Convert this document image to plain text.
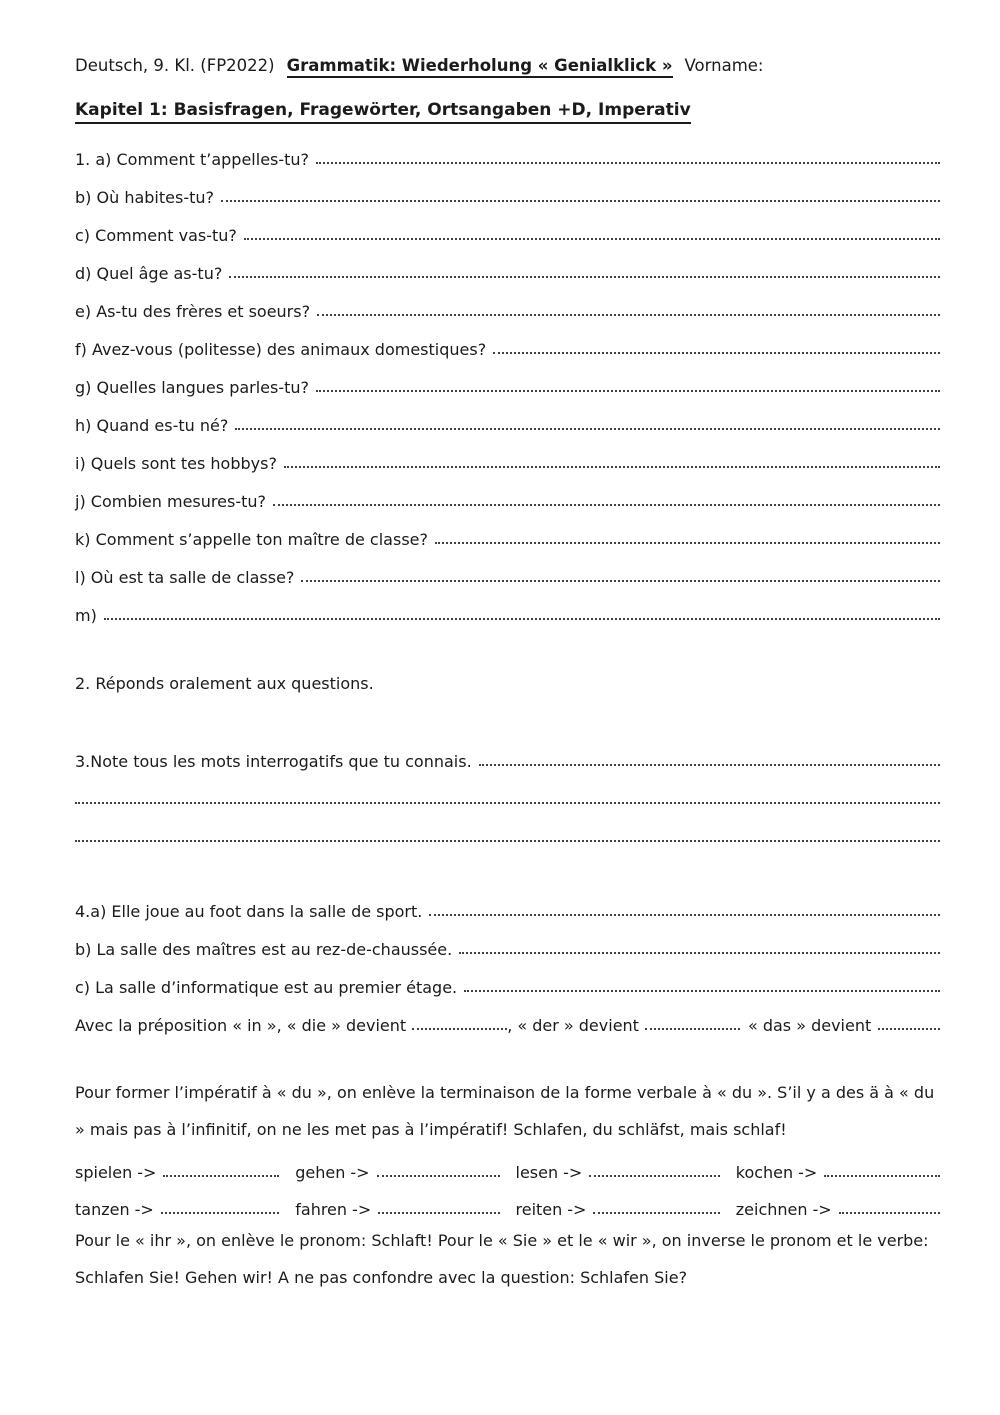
Deutsch, 9. Kl. (FP2022) Grammatik: Wiederholung « Genialklick » Vorname:
Kapitel 1: Basisfragen, Fragewörter, Ortsangaben +D, Imperativ
1. a) Comment t’appelles-tu?
b) Où habites-tu?
c) Comment vas-tu?
d) Quel âge as-tu?
e) As-tu des frères et soeurs?
f) Avez-vous (politesse) des animaux domestiques?
g) Quelles langues parles-tu?
h) Quand es-tu né?
i) Quels sont tes hobbys?
j) Combien mesures-tu?
k) Comment s’appelle ton maître de classe?
l) Où est ta salle de classe?
m)
2. Réponds oralement aux questions.
3.Note tous les mots interrogatifs que tu connais.
4.a) Elle joue au foot dans la salle de sport.
b) La salle des maîtres est au rez-de-chaussée.
c) La salle d’informatique est au premier étage.
Avec la préposition « in », « die » devient	, « der » devient	« das » devient

Pour former l’impératif à « du », on enlève la terminaison de la forme verbale à « du ». S’il y a des ä à « du » mais pas à l’infinitif, on ne les met pas à l’impératif! Schlafen, du schläfst, mais schlaf!

spielen ->	gehen ->	lesen ->	kochen ->
tanzen ->	fahren ->	reiten ->	zeichnen ->

Pour le « ihr », on enlève le pronom: Schlaft! Pour le « Sie » et le « wir », on inverse le pronom et le verbe: Schlafen Sie! Gehen wir! A ne pas confondre avec la question: Schlafen Sie?
